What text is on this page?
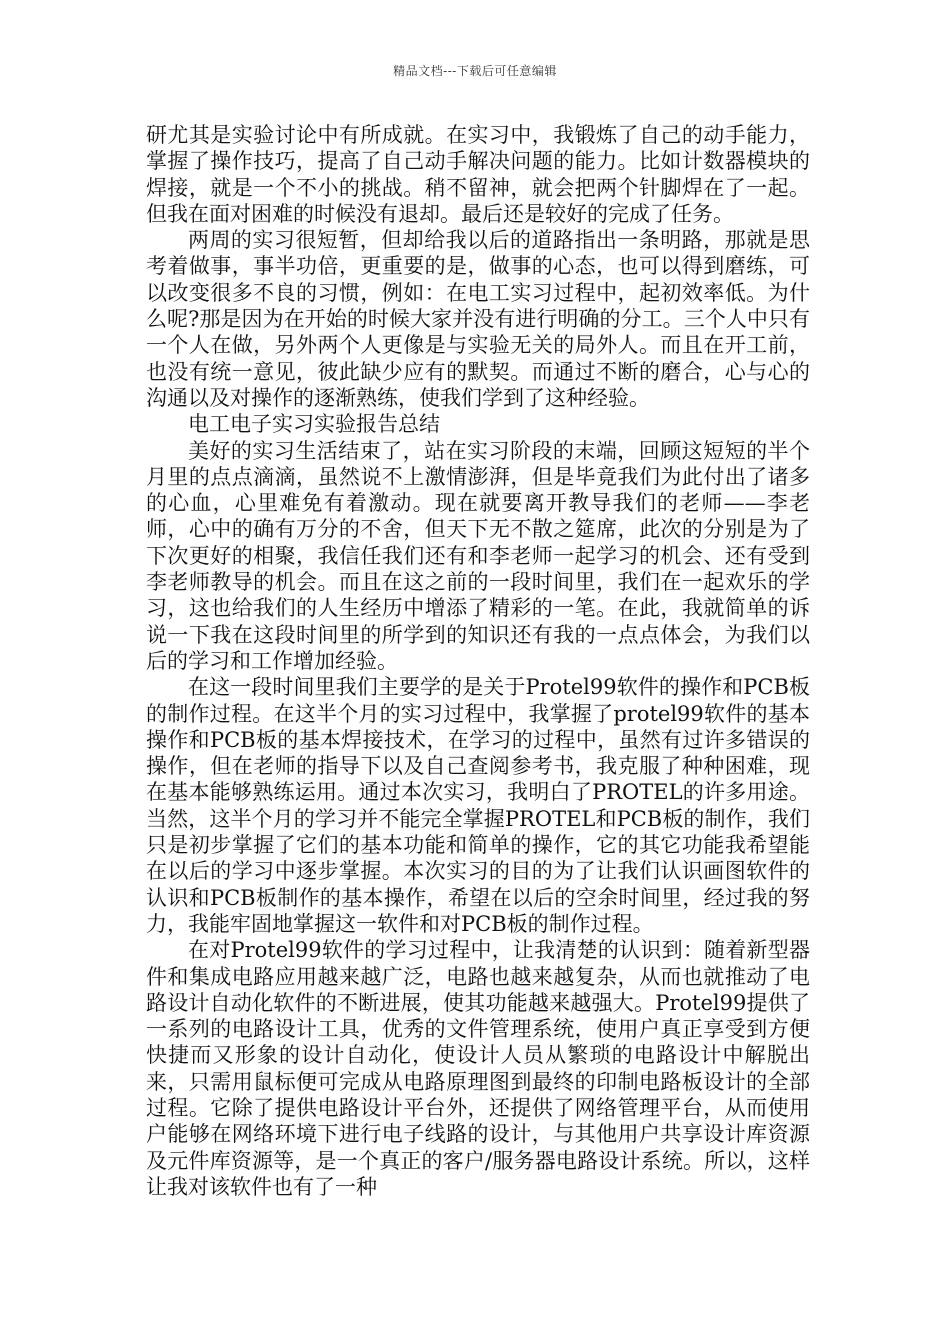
精品文档---下载后可任意编辑

研尤其是实验讨论中有所成就。在实习中，我锻炼了自己的动手能力，掌握了操作技巧，提高了自己动手解决问题的能力。比如计数器模块的焊接，就是一个不小的挑战。稍不留神，就会把两个针脚焊在了一起。但我在面对困难的时候没有退却。最后还是较好的完成了任务。

两周的实习很短暂，但却给我以后的道路指出一条明路，那就是思考着做事，事半功倍，更重要的是，做事的心态，也可以得到磨练，可以改变很多不良的习惯，例如：在电工实习过程中，起初效率低。为什么呢?那是因为在开始的时候大家并没有进行明确的分工。三个人中只有一个人在做，另外两个人更像是与实验无关的局外人。而且在开工前，也没有统一意见，彼此缺少应有的默契。而通过不断的磨合，心与心的沟通以及对操作的逐渐熟练，使我们学到了这种经验。

电工电子实习实验报告总结

美好的实习生活结束了，站在实习阶段的末端，回顾这短短的半个月里的点点滴滴，虽然说不上激情澎湃，但是毕竟我们为此付出了诸多的心血，心里难免有着激动。现在就要离开教导我们的老师——李老师，心中的确有万分的不舍，但天下无不散之筵席，此次的分别是为了下次更好的相聚，我信任我们还有和李老师一起学习的机会、还有受到李老师教导的机会。而且在这之前的一段时间里，我们在一起欢乐的学习，这也给我们的人生经历中增添了精彩的一笔。在此，我就简单的诉说一下我在这段时间里的所学到的知识还有我的一点点体会，为我们以后的学习和工作增加经验。

在这一段时间里我们主要学的是关于Protel99软件的操作和PCB板的制作过程。在这半个月的实习过程中，我掌握了protel99软件的基本操作和PCB板的基本焊接技术，在学习的过程中，虽然有过许多错误的操作，但在老师的指导下以及自己查阅参考书，我克服了种种困难，现在基本能够熟练运用。通过本次实习，我明白了PROTEL的许多用途。当然，这半个月的学习并不能完全掌握PROTEL和PCB板的制作，我们只是初步掌握了它们的基本功能和简单的操作，它的其它功能我希望能在以后的学习中逐步掌握。本次实习的目的为了让我们认识画图软件的认识和PCB板制作的基本操作，希望在以后的空余时间里，经过我的努力，我能牢固地掌握这一软件和对PCB板的制作过程。

在对Protel99软件的学习过程中，让我清楚的认识到：随着新型器件和集成电路应用越来越广泛，电路也越来越复杂，从而也就推动了电路设计自动化软件的不断进展，使其功能越来越强大。Protel99提供了一系列的电路设计工具，优秀的文件管理系统，使用户真正享受到方便快捷而又形象的设计自动化，使设计人员从繁琐的电路设计中解脱出来，只需用鼠标便可完成从电路原理图到最终的印制电路板设计的全部过程。它除了提供电路设计平台外，还提供了网络管理平台，从而使用户能够在网络环境下进行电子线路的设计，与其他用户共享设计库资源及元件库资源等，是一个真正的客户/服务器电路设计系统。所以，这样让我对该软件也有了一种
